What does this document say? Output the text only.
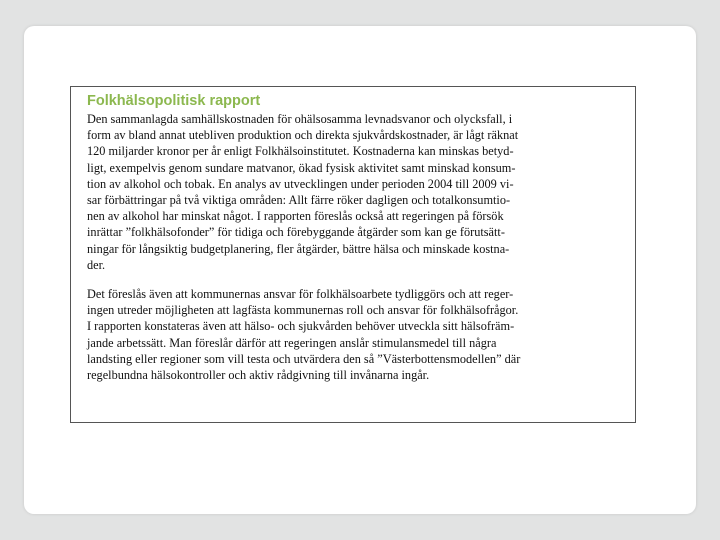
Folkhälsopolitisk rapport
Den sammanlagda samhällskostnaden för ohälsosamma levnadsvanor och olycksfall, i
form av bland annat utebliven produktion och direkta sjukvårdskostnader, är lågt räknat
120 miljarder kronor per år enligt Folkhälsoinstitutet. Kostnaderna kan minskas betyd-
ligt, exempelvis genom sundare matvanor, ökad fysisk aktivitet samt minskad konsum-
tion av alkohol och tobak. En analys av utvecklingen under perioden 2004 till 2009 vi-
sar förbättringar på två viktiga områden: Allt färre röker dagligen och totalkonsumtio-
nen av alkohol har minskat något. I rapporten föreslås också att regeringen på försök
inrättar ”folkhälsofonder” för tidiga och förebyggande åtgärder som kan ge förutsätt-
ningar för långsiktig budgetplanering, fler åtgärder, bättre hälsa och minskade kostna-
der.
Det föreslås även att kommunernas ansvar för folkhälsoarbete tydliggörs och att reger-
ingen utreder möjligheten att lagfästa kommunernas roll och ansvar för folkhälsofrågor.
I rapporten konstateras även att hälso- och sjukvården behöver utveckla sitt hälsofräm-
jande arbetssätt. Man föreslår därför att regeringen anslår stimulansmedel till några
landsting eller regioner som vill testa och utvärdera den så ”Västerbottensmodellen” där
regelbundna hälsokontroller och aktiv rådgivning till invånarna ingår.
